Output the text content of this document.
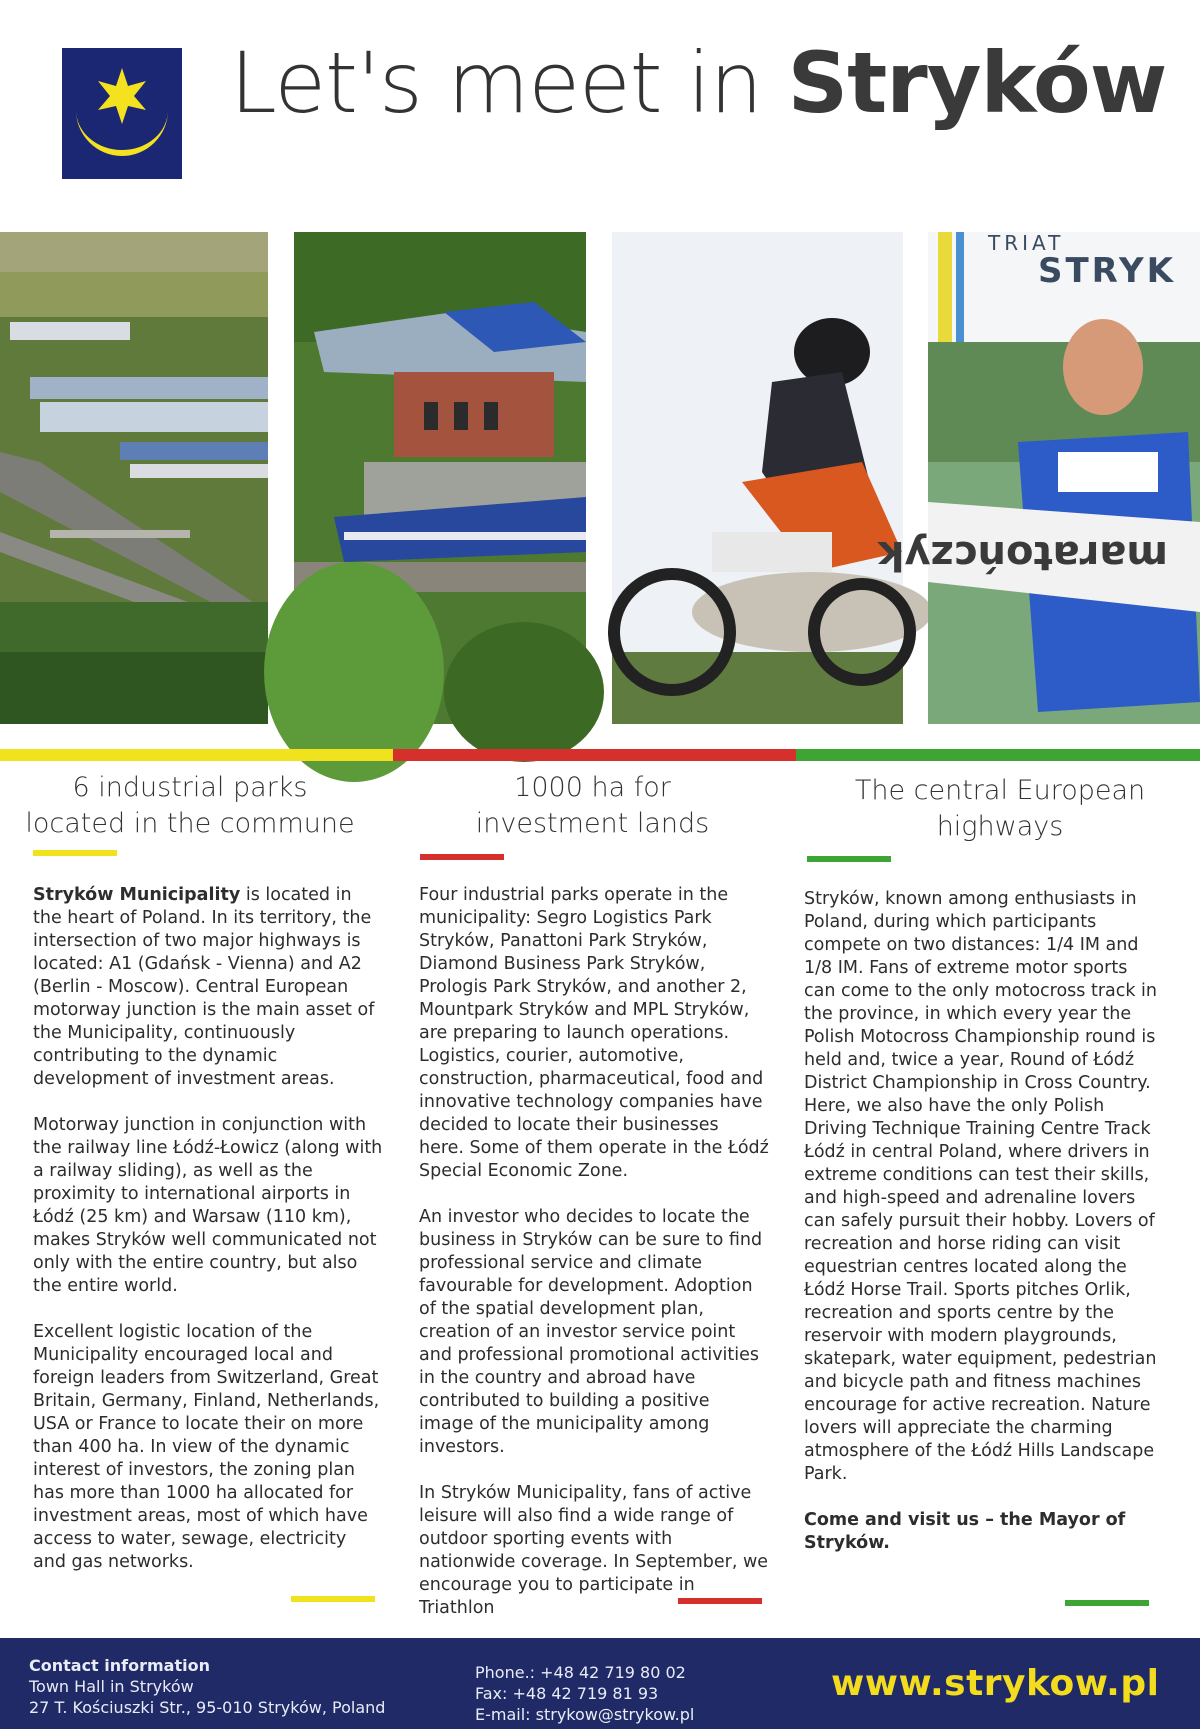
Let's meet in Stryków
TRIAT
STRYK
maratończyk
6 industrial parks
located in the commune
1000 ha for
investment lands
The central European
highways

Stryków Municipality is located in the heart of Poland. In its territory, the intersection of two major highways is located: A1 (Gdańsk - Vienna) and A2 (Berlin - Moscow). Central European motorway junction is the main asset of the Municipality, continuously contributing to the dynamic development of investment areas.

Motorway junction in conjunction with the railway line Łódź-Łowicz (along with a railway sliding), as well as the proximity to international airports in Łódź (25 km) and Warsaw (110 km), makes Stryków well communicated not only with the entire country, but also the entire world.

Excellent logistic location of the Municipality encouraged local and foreign leaders from Switzerland, Great Britain, Germany, Finland, Netherlands, USA or France to locate their on more than 400 ha. In view of the dynamic interest of investors, the zoning plan has more than 1000 ha allocated for investment areas, most of which have access to water, sewage, electricity and gas networks.

Four industrial parks operate in the municipality: Segro Logistics Park Stryków, Panattoni Park Stryków, Diamond Business Park Stryków, Prologis Park Stryków, and another 2, Mountpark Stryków and MPL Stryków, are preparing to launch operations. Logistics, courier, automotive, construction, pharmaceutical, food and innovative technology companies have decided to locate their businesses here. Some of them operate in the Łódź Special Economic Zone.

An investor who decides to locate the business in Stryków can be sure to find professional service and climate favourable for development. Adoption of the spatial development plan, creation of an investor service point and professional promotional activities in the country and abroad have contributed to building a positive image of the municipality among investors.

In Stryków Municipality, fans of active leisure will also find a wide range of outdoor sporting events with nationwide coverage. In September, we encourage you to participate in Triathlon

Stryków, known among enthusiasts in Poland, during which participants compete on two distances: 1/4 IM and 1/8 IM. Fans of extreme motor sports can come to the only motocross track in the province, in which every year the Polish Motocross Championship round is held and, twice a year, Round of Łódź District Championship in Cross Country. Here, we also have the only Polish Driving Technique Training Centre Track Łódź in central Poland, where drivers in extreme conditions can test their skills, and high-speed and adrenaline lovers can safely pursuit their hobby. Lovers of recreation and horse riding can visit equestrian centres located along the Łódź Horse Trail. Sports pitches Orlik, recreation and sports centre by the reservoir with modern playgrounds, skatepark, water equipment, pedestrian and bicycle path and fitness machines encourage for active recreation. Nature lovers will appreciate the charming atmosphere of the Łódź Hills Landscape Park.

Come and visit us – the Mayor of Stryków.

Contact information
Town Hall in Stryków
27 T. Kościuszki Str., 95-010 Stryków, Poland
Phone.: +48 42 719 80 02
Fax: +48 42 719 81 93
E-mail: strykow@strykow.pl
www.strykow.pl
